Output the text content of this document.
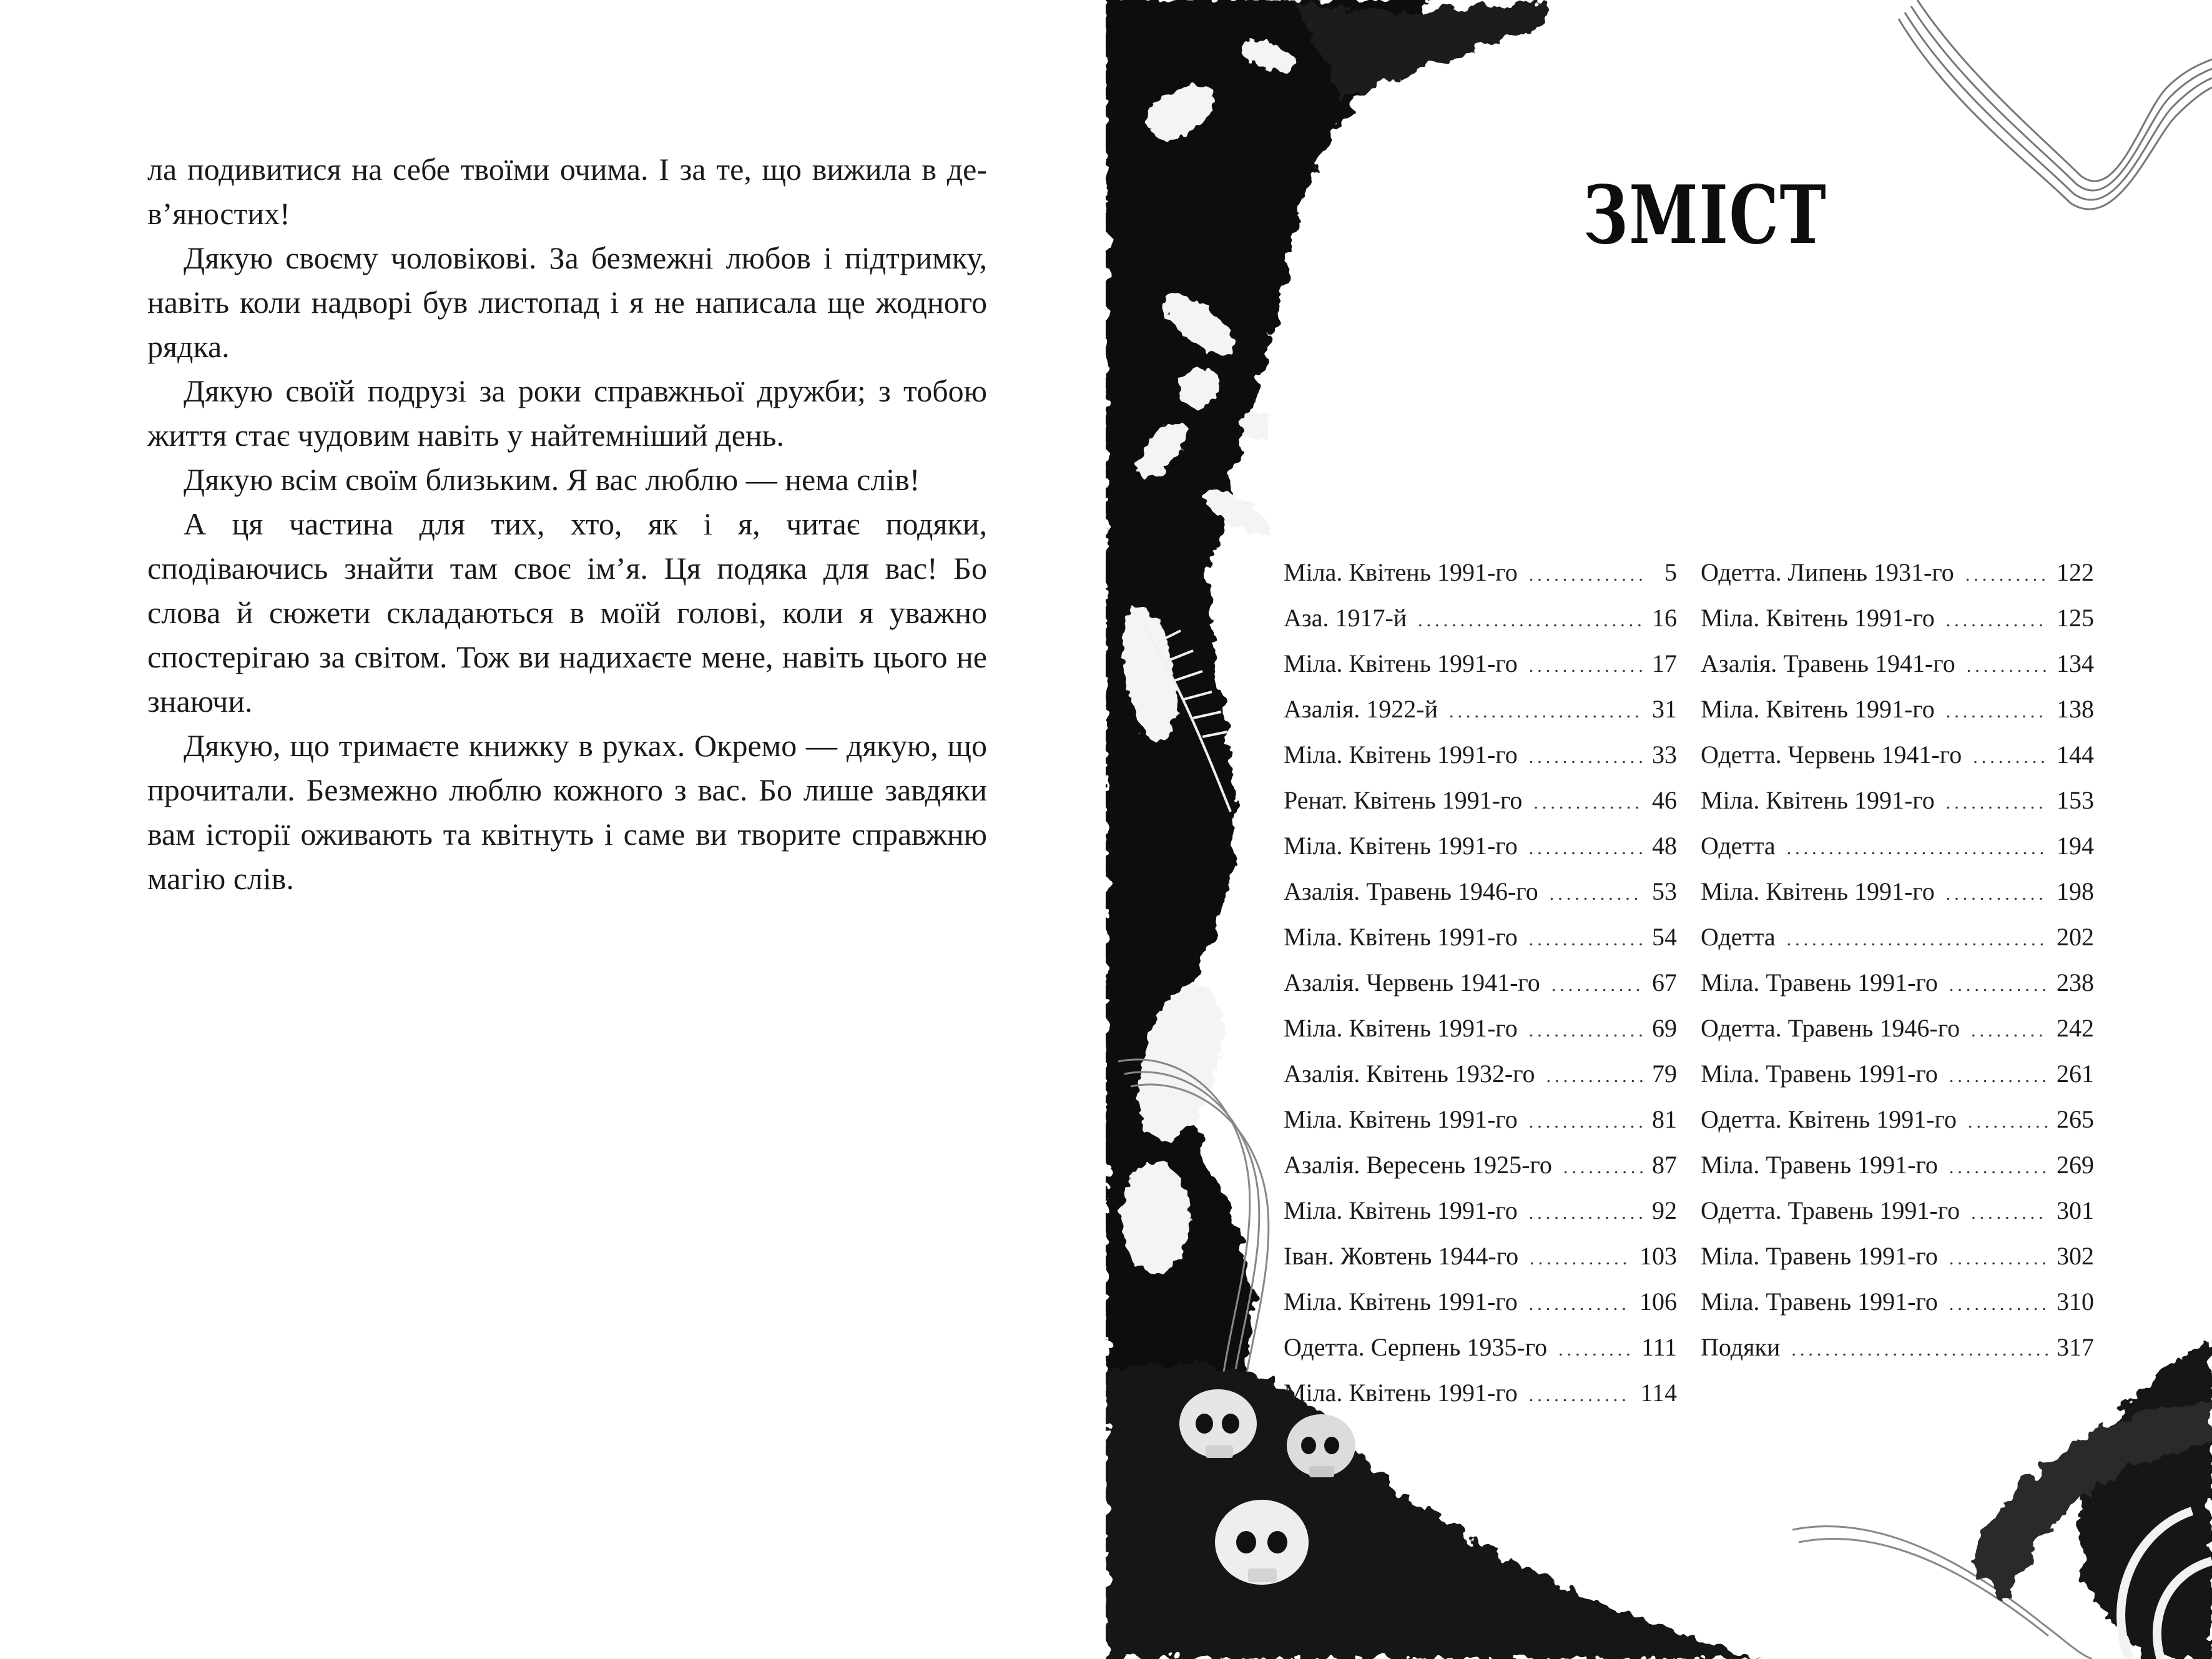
ла подивитися на себе твоїми очима. І за те, що вижила в дев’яностих!

Дякую своєму чоловікові. За безмежні любов і підтримку, навіть коли надворі був листопад і я не написала ще жодного рядка.

Дякую своїй подрузі за роки справжньої дружби; з тобою життя стає чудовим навіть у найтемніший день.

Дякую всім своїм близьким. Я вас люблю — нема слів!

А ця частина для тих, хто, як і я, читає подяки, сподіваючись знайти там своє ім’я. Ця подяка для вас! Бо слова й сюжети складаються в моїй голові, коли я уважно спостерігаю за світом. Тож ви надихаєте мене, навіть цього не знаючи.

Дякую, що тримаєте книжку в руках. Окремо — дякую, що прочитали. Безмежно люблю кожного з вас. Бо лише завдяки вам історії оживають та квітнуть і саме ви творите справжню магію слів.

ЗМІСТ
Міла. Квітень 1991-го .....	5
Аза. 1917-й .....	16
Міла. Квітень 1991-го .....	17
Азалія. 1922-й .....	31
Міла. Квітень 1991-го .....	33
Ренат. Квітень 1991-го .....	46
Міла. Квітень 1991-го .....	48
Азалія. Травень 1946-го .....	53
Міла. Квітень 1991-го .....	54
Азалія. Червень 1941-го .....	67
Міла. Квітень 1991-го .....	69
Азалія. Квітень 1932-го .....	79
Міла. Квітень 1991-го .....	81
Азалія. Вересень 1925-го .....	87
Міла. Квітень 1991-го .....	92
Іван. Жовтень 1944-го .....	103
Міла. Квітень 1991-го .....	106
Одетта. Серпень 1935-го .....	111
Міла. Квітень 1991-го .....	114
Одетта. Липень 1931-го .....	122
Міла. Квітень 1991-го .....	125
Азалія. Травень 1941-го .....	134
Міла. Квітень 1991-го .....	138
Одетта. Червень 1941-го .....	144
Міла. Квітень 1991-го .....	153
Одетта .....	194
Міла. Квітень 1991-го .....	198
Одетта .....	202
Міла. Травень 1991-го .....	238
Одетта. Травень 1946-го .....	242
Міла. Травень 1991-го .....	261
Одетта. Квітень 1991-го .....	265
Міла. Травень 1991-го .....	269
Одетта. Травень 1991-го .....	301
Міла. Травень 1991-го .....	302
Міла. Травень 1991-го .....	310
Подяки .....	317
